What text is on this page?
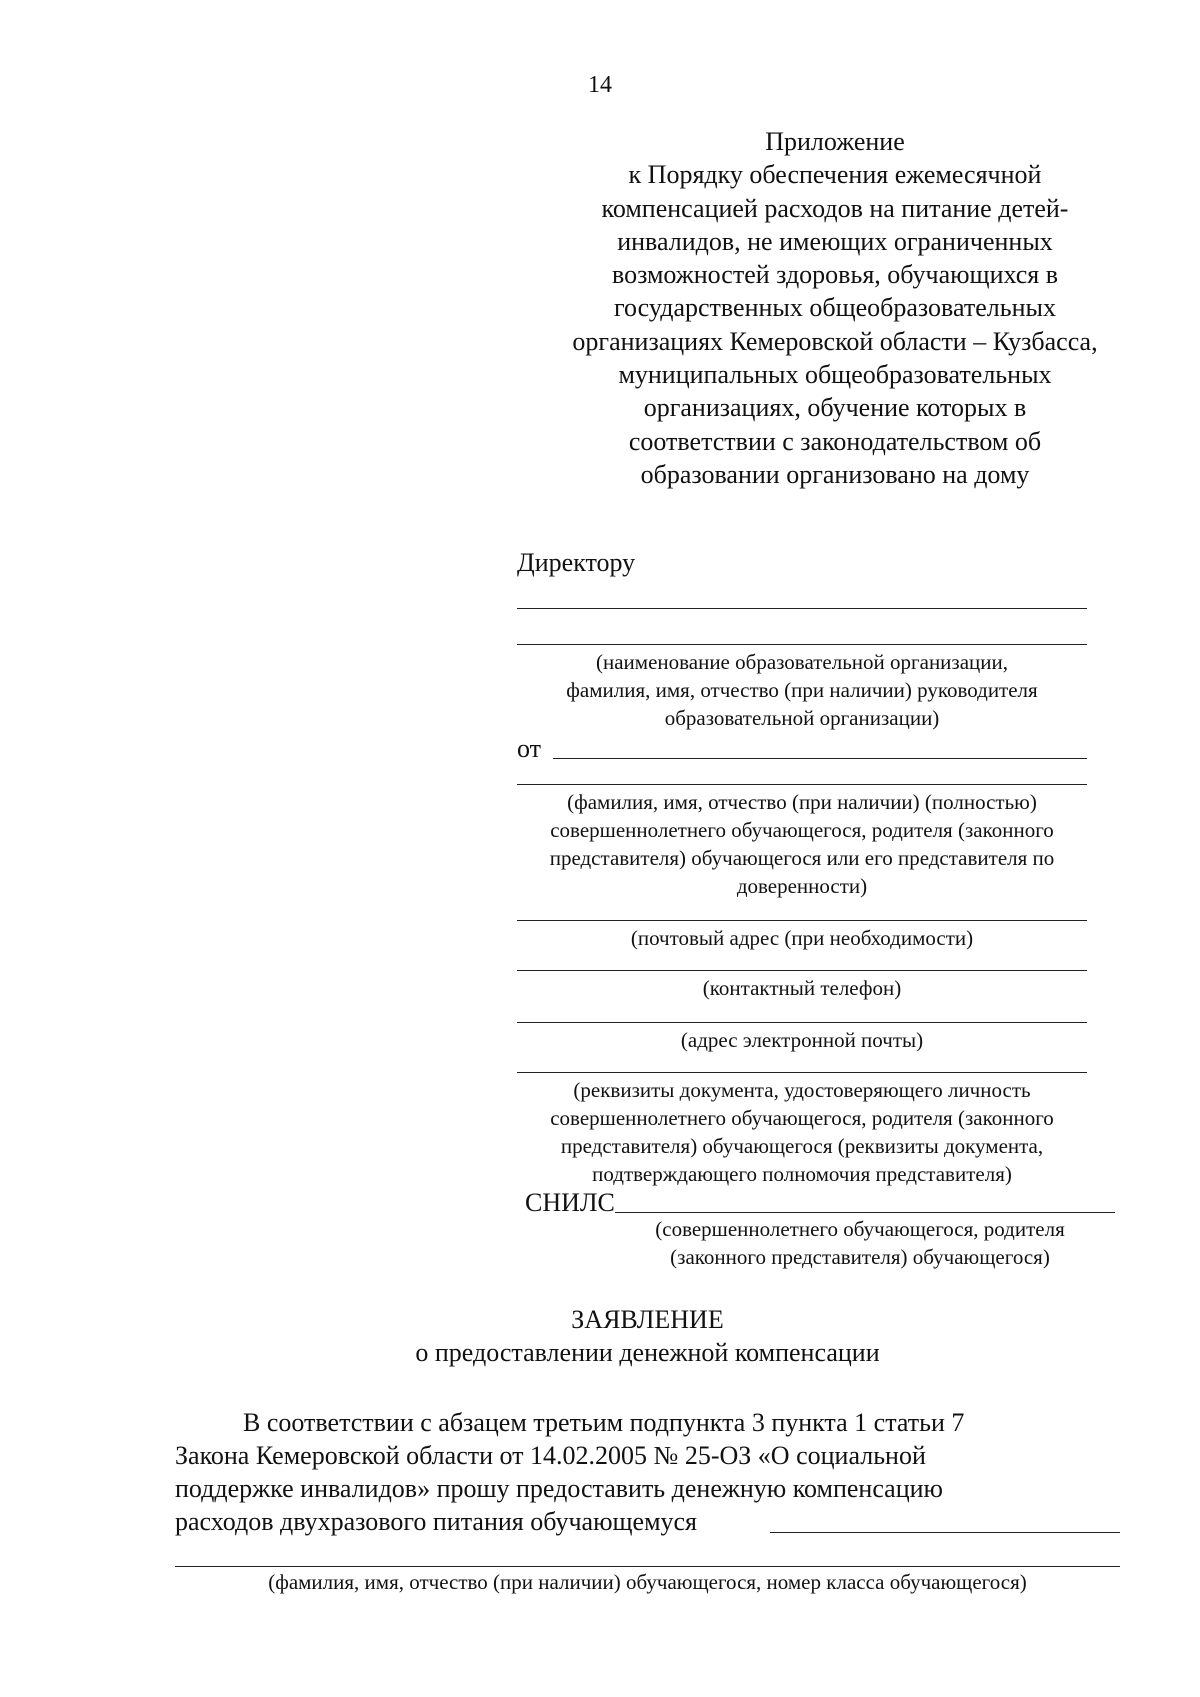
14
Приложение
к Порядку обеспечения ежемесячной
компенсацией расходов на питание детей-
инвалидов, не имеющих ограниченных
возможностей здоровья, обучающихся в
государственных общеобразовательных
организациях Кемеровской области – Кузбасса,
муниципальных общеобразовательных
организациях, обучение которых в
соответствии с законодательством об
образовании организовано на дому
Директору
(наименование образовательной организации,
фамилия, имя, отчество (при наличии) руководителя
образовательной организации)
от
(фамилия, имя, отчество (при наличии) (полностью)
совершеннолетнего обучающегося, родителя (законного
представителя) обучающегося или его представителя по
доверенности)
(почтовый адрес (при необходимости)
(контактный телефон)
(адрес электронной почты)
(реквизиты документа, удостоверяющего личность
совершеннолетнего обучающегося, родителя (законного
представителя) обучающегося (реквизиты документа,
подтверждающего полномочия представителя)
СНИЛС
(совершеннолетнего обучающегося, родителя
(законного представителя) обучающегося)
ЗАЯВЛЕНИЕ
о предоставлении денежной компенсации
В соответствии с абзацем третьим подпункта 3 пункта 1 статьи 7
Закона Кемеровской области от 14.02.2005 № 25-ОЗ «О социальной
поддержке инвалидов» прошу предоставить денежную компенсацию
расходов двухразового питания обучающемуся
(фамилия, имя, отчество (при наличии) обучающегося, номер класса обучающегося)
